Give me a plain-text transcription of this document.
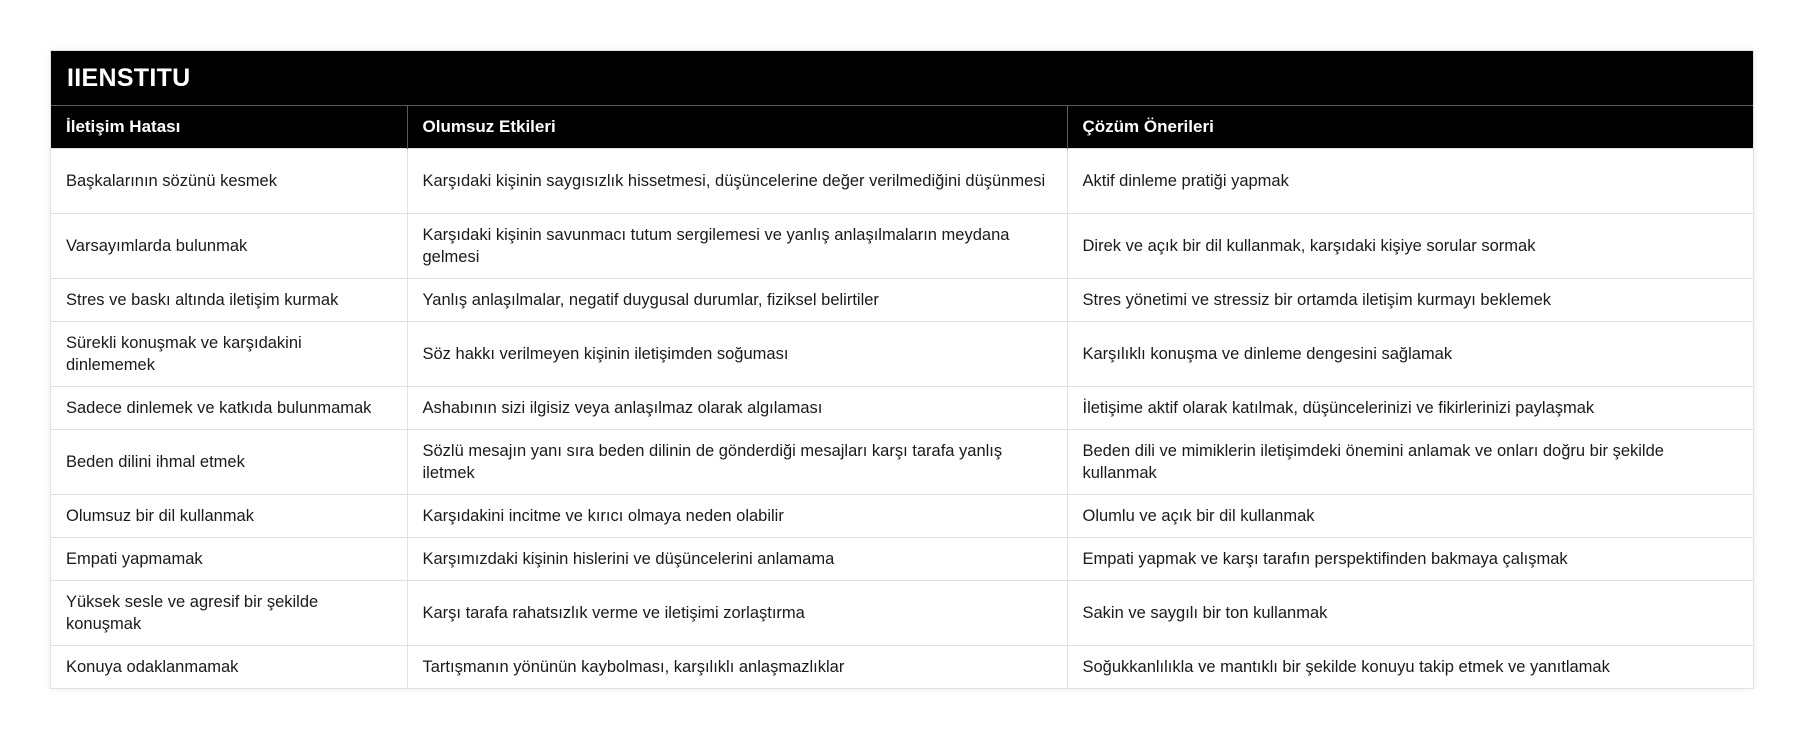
IIENSTITU
İletişim Hatası	Olumsuz Etkileri	Çözüm Önerileri
Başkalarının sözünü kesmek	Karşıdaki kişinin saygısızlık hissetmesi, düşüncelerine değer verilmediğini düşünmesi	Aktif dinleme pratiği yapmak
Varsayımlarda bulunmak	Karşıdaki kişinin savunmacı tutum sergilemesi ve yanlış anlaşılmaların meydana gelmesi	Direk ve açık bir dil kullanmak, karşıdaki kişiye sorular sormak
Stres ve baskı altında iletişim kurmak	Yanlış anlaşılmalar, negatif duygusal durumlar, fiziksel belirtiler	Stres yönetimi ve stressiz bir ortamda iletişim kurmayı beklemek
Sürekli konuşmak ve karşıdakini dinlememek	Söz hakkı verilmeyen kişinin iletişimden soğuması	Karşılıklı konuşma ve dinleme dengesini sağlamak
Sadece dinlemek ve katkıda bulunmamak	Ashabının sizi ilgisiz veya anlaşılmaz olarak algılaması	İletişime aktif olarak katılmak, düşüncelerinizi ve fikirlerinizi paylaşmak
Beden dilini ihmal etmek	Sözlü mesajın yanı sıra beden dilinin de gönderdiği mesajları karşı tarafa yanlış iletmek	Beden dili ve mimiklerin iletişimdeki önemini anlamak ve onları doğru bir şekilde kullanmak
Olumsuz bir dil kullanmak	Karşıdakini incitme ve kırıcı olmaya neden olabilir	Olumlu ve açık bir dil kullanmak
Empati yapmamak	Karşımızdaki kişinin hislerini ve düşüncelerini anlamama	Empati yapmak ve karşı tarafın perspektifinden bakmaya çalışmak
Yüksek sesle ve agresif bir şekilde konuşmak	Karşı tarafa rahatsızlık verme ve iletişimi zorlaştırma	Sakin ve saygılı bir ton kullanmak
Konuya odaklanmamak	Tartışmanın yönünün kaybolması, karşılıklı anlaşmazlıklar	Soğukkanlılıkla ve mantıklı bir şekilde konuyu takip etmek ve yanıtlamak
